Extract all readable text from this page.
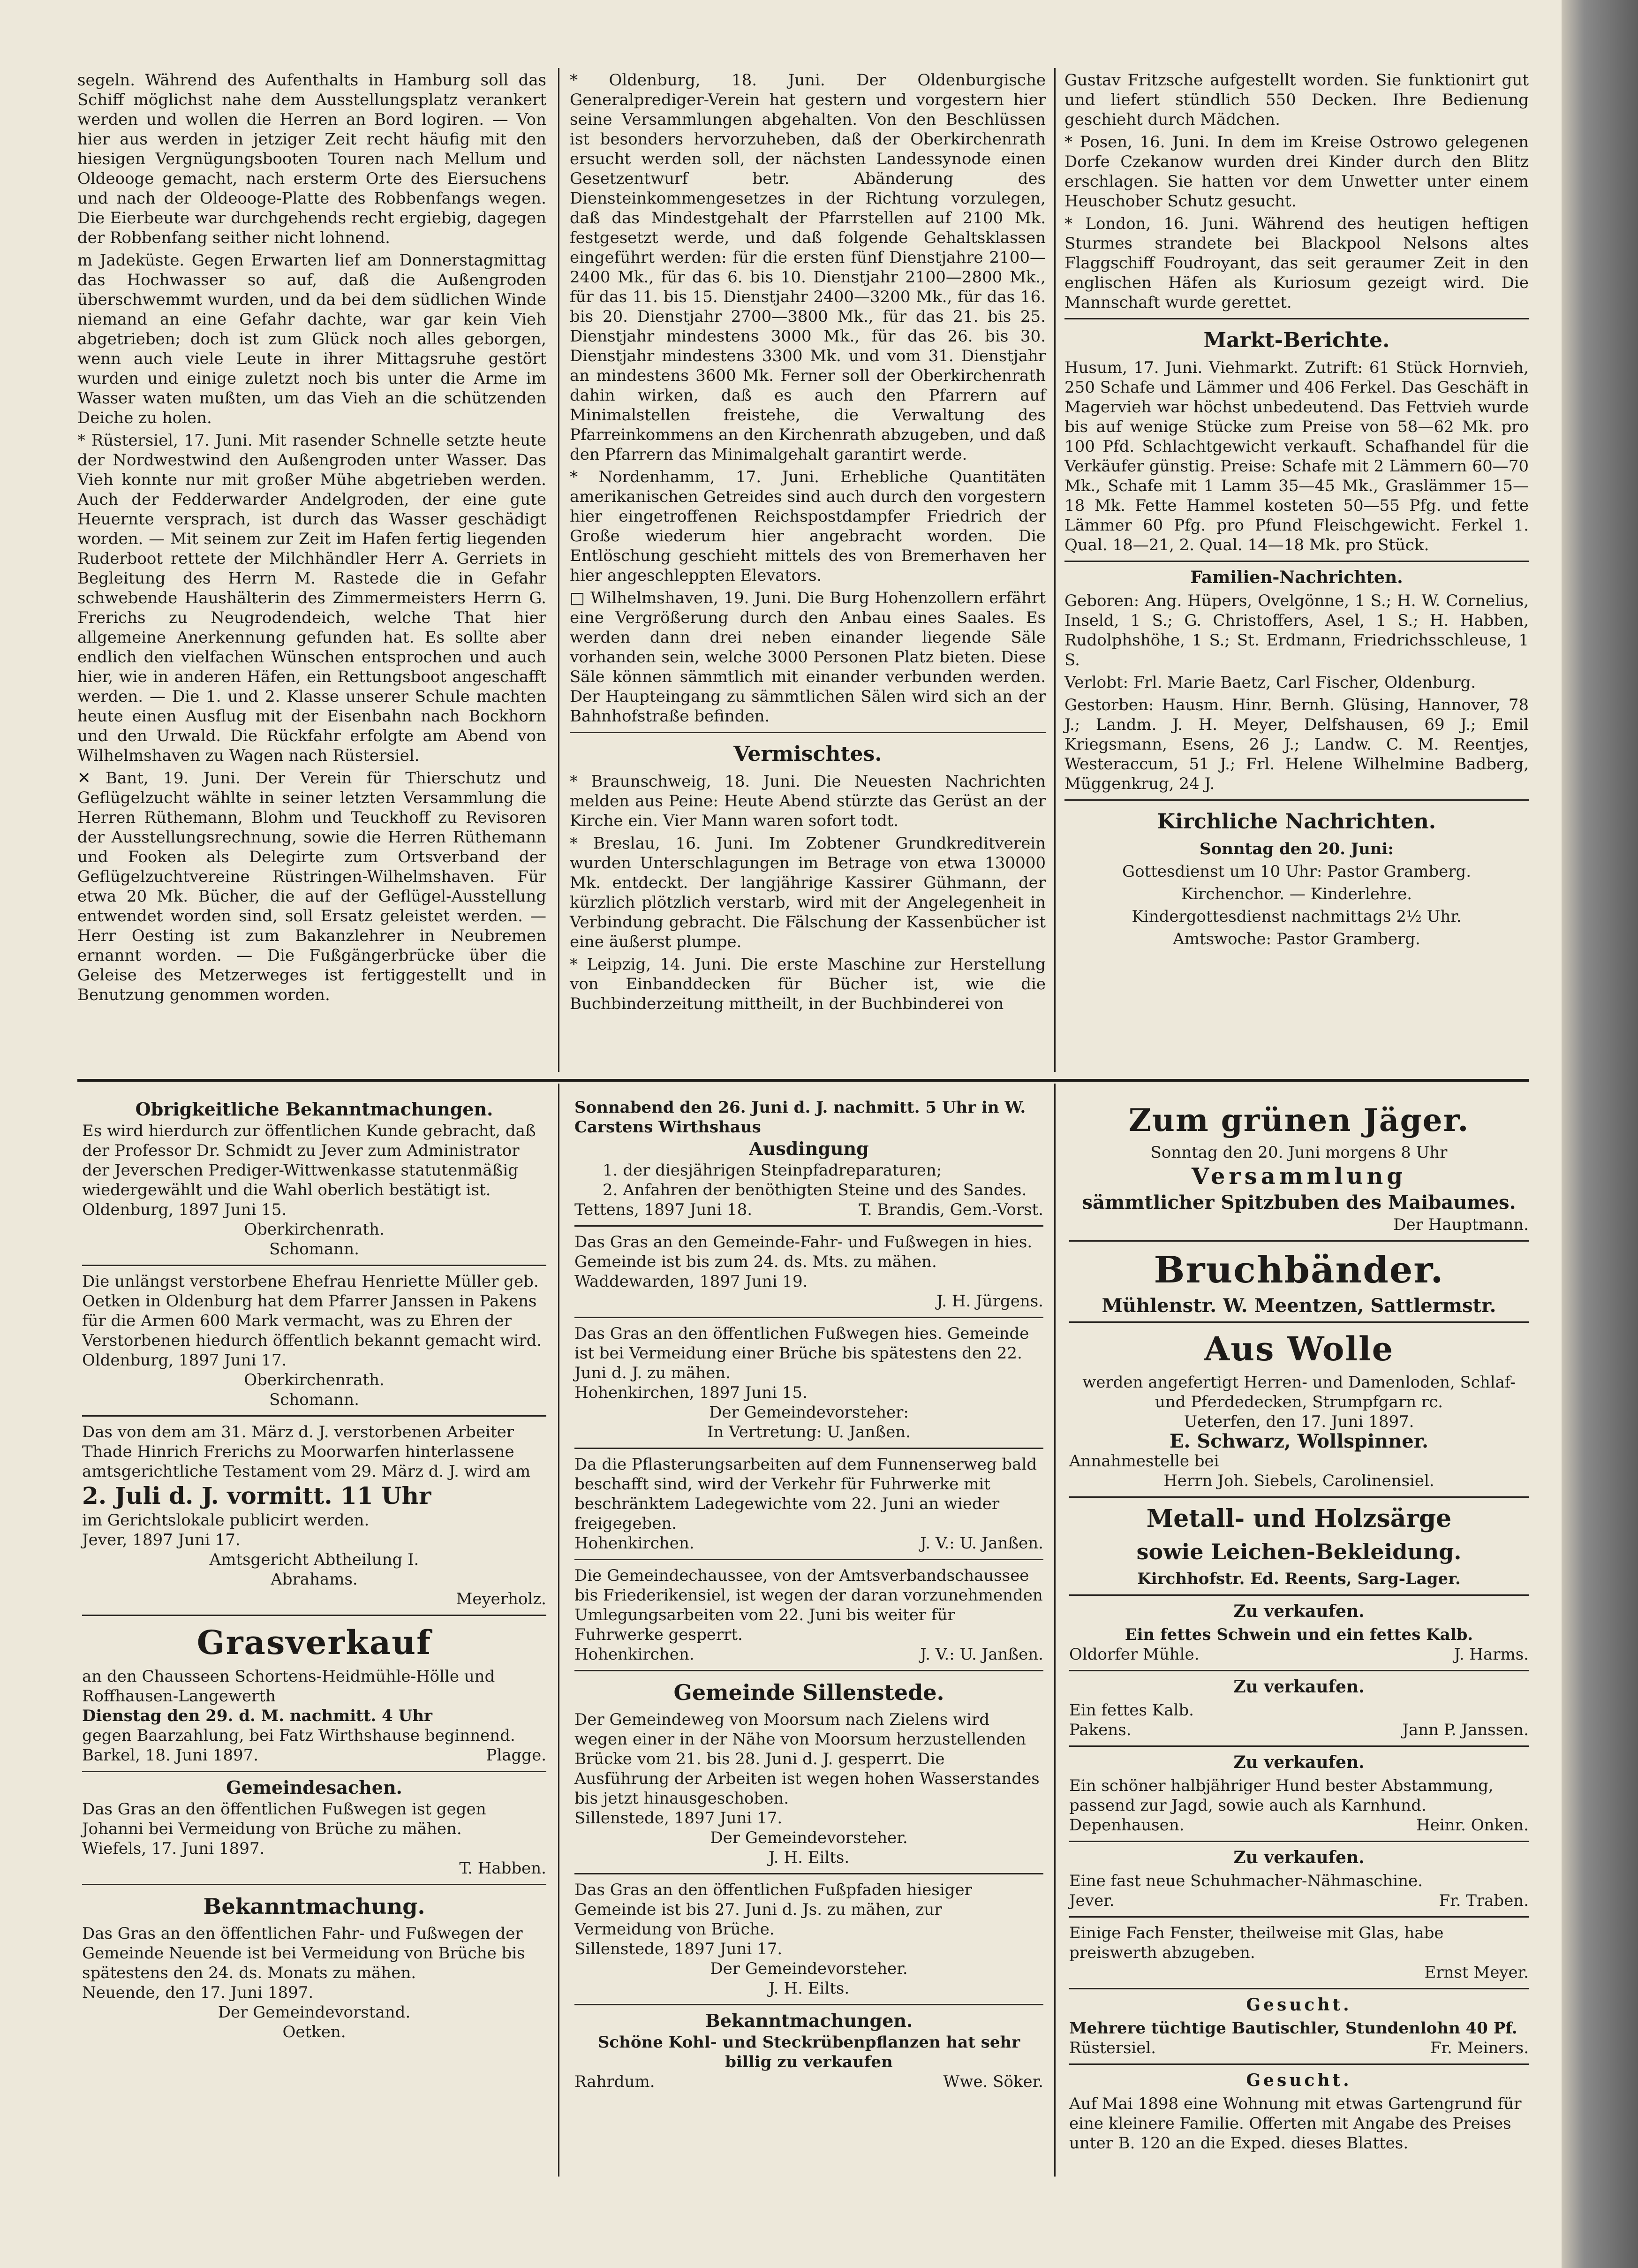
segeln. Während des Aufenthalts in Hamburg soll das Schiff möglichst nahe dem Ausstellungsplatz verankert werden und wollen die Herren an Bord logiren. — Von hier aus werden in jetziger Zeit recht häufig mit den hiesigen Vergnügungsbooten Touren nach Mellum und Oldeooge gemacht, nach ersterm Orte des Eiersuchens und nach der Oldeooge-Platte des Robbenfangs wegen. Die Eierbeute war durchgehends recht ergiebig, dagegen der Robbenfang seither nicht lohnend.

m Jadeküste. Gegen Erwarten lief am Donnerstagmittag das Hochwasser so auf, daß die Außengroden überschwemmt wurden, und da bei dem südlichen Winde niemand an eine Gefahr dachte, war gar kein Vieh abgetrieben; doch ist zum Glück noch alles geborgen, wenn auch viele Leute in ihrer Mittagsruhe gestört wurden und einige zuletzt noch bis unter die Arme im Wasser waten mußten, um das Vieh an die schützenden Deiche zu holen.

* Rüstersiel, 17. Juni. Mit rasender Schnelle setzte heute der Nordwestwind den Außengroden unter Wasser. Das Vieh konnte nur mit großer Mühe abgetrieben werden. Auch der Fedderwarder Andelgroden, der eine gute Heuernte versprach, ist durch das Wasser geschädigt worden. — Mit seinem zur Zeit im Hafen fertig liegenden Ruderboot rettete der Milchhändler Herr A. Gerriets in Begleitung des Herrn M. Rastede die in Gefahr schwebende Haushälterin des Zimmermeisters Herrn G. Frerichs zu Neugrodendeich, welche That hier allgemeine Anerkennung gefunden hat. Es sollte aber endlich den vielfachen Wünschen entsprochen und auch hier, wie in anderen Häfen, ein Rettungsboot angeschafft werden. — Die 1. und 2. Klasse unserer Schule machten heute einen Ausflug mit der Eisenbahn nach Bockhorn und den Urwald. Die Rückfahr erfolgte am Abend von Wilhelmshaven zu Wagen nach Rüstersiel.

✕ Bant, 19. Juni. Der Verein für Thierschutz und Geflügelzucht wählte in seiner letzten Versammlung die Herren Rüthemann, Blohm und Teuckhoff zu Revisoren der Ausstellungsrechnung, sowie die Herren Rüthemann und Fooken als Delegirte zum Ortsverband der Geflügelzuchtvereine Rüstringen-Wilhelmshaven. Für etwa 20 Mk. Bücher, die auf der Geflügel-Ausstellung entwendet worden sind, soll Ersatz geleistet werden. — Herr Oesting ist zum Bakanzlehrer in Neubremen ernannt worden. — Die Fußgängerbrücke über die Geleise des Metzerweges ist fertiggestellt und in Benutzung genommen worden.

* Oldenburg, 18. Juni. Der Oldenburgische Generalprediger-Verein hat gestern und vorgestern hier seine Versammlungen abgehalten. Von den Beschlüssen ist besonders hervorzuheben, daß der Oberkirchenrath ersucht werden soll, der nächsten Landessynode einen Gesetzentwurf betr. Abänderung des Diensteinkommengesetzes in der Richtung vorzulegen, daß das Mindestgehalt der Pfarrstellen auf 2100 Mk. festgesetzt werde, und daß folgende Gehaltsklassen eingeführt werden: für die ersten fünf Dienstjahre 2100—2400 Mk., für das 6. bis 10. Dienstjahr 2100—2800 Mk., für das 11. bis 15. Dienstjahr 2400—3200 Mk., für das 16. bis 20. Dienstjahr 2700—3800 Mk., für das 21. bis 25. Dienstjahr mindestens 3000 Mk., für das 26. bis 30. Dienstjahr mindestens 3300 Mk. und vom 31. Dienstjahr an mindestens 3600 Mk. Ferner soll der Oberkirchenrath dahin wirken, daß es auch den Pfarrern auf Minimalstellen freistehe, die Verwaltung des Pfarreinkommens an den Kirchenrath abzugeben, und daß den Pfarrern das Minimalgehalt garantirt werde.

* Nordenhamm, 17. Juni. Erhebliche Quantitäten amerikanischen Getreides sind auch durch den vorgestern hier eingetroffenen Reichspostdampfer Friedrich der Große wiederum hier angebracht worden. Die Entlöschung geschieht mittels des von Bremerhaven her hier angeschleppten Elevators.

□ Wilhelmshaven, 19. Juni. Die Burg Hohenzollern erfährt eine Vergrößerung durch den Anbau eines Saales. Es werden dann drei neben einander liegende Säle vorhanden sein, welche 3000 Personen Platz bieten. Diese Säle können sämmtlich mit einander verbunden werden. Der Haupteingang zu sämmtlichen Sälen wird sich an der Bahnhofstraße befinden.

Vermischtes.

* Braunschweig, 18. Juni. Die Neuesten Nachrichten melden aus Peine: Heute Abend stürzte das Gerüst an der Kirche ein. Vier Mann waren sofort todt.

* Breslau, 16. Juni. Im Zobtener Grundkreditverein wurden Unterschlagungen im Betrage von etwa 130000 Mk. entdeckt. Der langjährige Kassirer Gühmann, der kürzlich plötzlich verstarb, wird mit der Angelegenheit in Verbindung gebracht. Die Fälschung der Kassenbücher ist eine äußerst plumpe.

* Leipzig, 14. Juni. Die erste Maschine zur Herstellung von Einbanddecken für Bücher ist, wie die Buchbinderzeitung mittheilt, in der Buchbinderei von

Gustav Fritzsche aufgestellt worden. Sie funktionirt gut und liefert stündlich 550 Decken. Ihre Bedienung geschieht durch Mädchen.

* Posen, 16. Juni. In dem im Kreise Ostrowo gelegenen Dorfe Czekanow wurden drei Kinder durch den Blitz erschlagen. Sie hatten vor dem Unwetter unter einem Heuschober Schutz gesucht.

* London, 16. Juni. Während des heutigen heftigen Sturmes strandete bei Blackpool Nelsons altes Flaggschiff Foudroyant, das seit geraumer Zeit in den englischen Häfen als Kuriosum gezeigt wird. Die Mannschaft wurde gerettet.

Markt-Berichte.

Husum, 17. Juni. Viehmarkt. Zutrift: 61 Stück Hornvieh, 250 Schafe und Lämmer und 406 Ferkel. Das Geschäft in Magervieh war höchst unbedeutend. Das Fettvieh wurde bis auf wenige Stücke zum Preise von 58—62 Mk. pro 100 Pfd. Schlachtgewicht verkauft. Schafhandel für die Verkäufer günstig. Preise: Schafe mit 2 Lämmern 60—70 Mk., Schafe mit 1 Lamm 35—45 Mk., Graslämmer 15—18 Mk. Fette Hammel kosteten 50—55 Pfg. und fette Lämmer 60 Pfg. pro Pfund Fleischgewicht. Ferkel 1. Qual. 18—21, 2. Qual. 14—18 Mk. pro Stück.

Familien-Nachrichten.

Geboren: Ang. Hüpers, Ovelgönne, 1 S.; H. W. Cornelius, Inseld, 1 S.; G. Christoffers, Asel, 1 S.; H. Habben, Rudolphshöhe, 1 S.; St. Erdmann, Friedrichsschleuse, 1 S.

Verlobt: Frl. Marie Baetz, Carl Fischer, Oldenburg.

Gestorben: Hausm. Hinr. Bernh. Glüsing, Hannover, 78 J.; Landm. J. H. Meyer, Delfshausen, 69 J.; Emil Kriegsmann, Esens, 26 J.; Landw. C. M. Reentjes, Westeraccum, 51 J.; Frl. Helene Wilhelmine Badberg, Müggenkrug, 24 J.

Kirchliche Nachrichten.

Sonntag den 20. Juni:

Gottesdienst um 10 Uhr: Pastor Gramberg.

Kirchenchor. — Kinderlehre.

Kindergottesdienst nachmittags 2½ Uhr.

Amtswoche: Pastor Gramberg.

Obrigkeitliche Bekanntmachungen.

Es wird hierdurch zur öffentlichen Kunde gebracht, daß der Professor Dr. Schmidt zu Jever zum Administrator der Jeverschen Prediger-Wittwenkasse statutenmäßig wiedergewählt und die Wahl oberlich bestätigt ist.

Oldenburg, 1897 Juni 15.

Oberkirchenrath.

Schomann.

Die unlängst verstorbene Ehefrau Henriette Müller geb. Oetken in Oldenburg hat dem Pfarrer Janssen in Pakens für die Armen 600 Mark vermacht, was zu Ehren der Verstorbenen hiedurch öffentlich bekannt gemacht wird.

Oldenburg, 1897 Juni 17.

Oberkirchenrath.

Schomann.

Das von dem am 31. März d. J. verstorbenen Arbeiter Thade Hinrich Frerichs zu Moorwarfen hinterlassene amtsgerichtliche Testament vom 29. März d. J. wird am

2. Juli d. J. vormitt. 11 Uhr

im Gerichtslokale publicirt werden.

Jever, 1897 Juni 17.

Amtsgericht Abtheilung I.

Abrahams.

Meyerholz.

Grasverkauf

an den Chausseen Schortens-Heidmühle-Hölle und Roffhausen-Langewerth

Dienstag den 29. d. M. nachmitt. 4 Uhr

gegen Baarzahlung, bei Fatz Wirthshause beginnend.

Barkel, 18. Juni 1897.	Plagge.
Gemeindesachen.

Das Gras an den öffentlichen Fußwegen ist gegen Johanni bei Vermeidung von Brüche zu mähen.

Wiefels, 17. Juni 1897.

T. Habben.

Bekanntmachung.

Das Gras an den öffentlichen Fahr- und Fußwegen der Gemeinde Neuende ist bei Vermeidung von Brüche bis spätestens den 24. ds. Monats zu mähen.

Neuende, den 17. Juni 1897.

Der Gemeindevorstand.

Oetken.

Sonnabend den 26. Juni d. J. nachmitt. 5 Uhr in W. Carstens Wirthshaus

Ausdingung

1. der diesjährigen Steinpfadreparaturen;

2. Anfahren der benöthigten Steine und des Sandes.

Tettens, 1897 Juni 18.	T. Brandis, Gem.-Vorst.

Das Gras an den Gemeinde-Fahr- und Fußwegen in hies. Gemeinde ist bis zum 24. ds. Mts. zu mähen.

Waddewarden, 1897 Juni 19.

J. H. Jürgens.

Das Gras an den öffentlichen Fußwegen hies. Gemeinde ist bei Vermeidung einer Brüche bis spätestens den 22. Juni d. J. zu mähen.

Hohenkirchen, 1897 Juni 15.

Der Gemeindevorsteher:

In Vertretung: U. Janßen.

Da die Pflasterungsarbeiten auf dem Funnenserweg bald beschafft sind, wird der Verkehr für Fuhrwerke mit beschränktem Ladegewichte vom 22. Juni an wieder freigegeben.

Hohenkirchen.	J. V.: U. Janßen.

Die Gemeindechaussee, von der Amtsverbandschaussee bis Friederikensiel, ist wegen der daran vorzunehmenden Umlegungsarbeiten vom 22. Juni bis weiter für Fuhrwerke gesperrt.

Hohenkirchen.	J. V.: U. Janßen.
Gemeinde Sillenstede.

Der Gemeindeweg von Moorsum nach Zielens wird wegen einer in der Nähe von Moorsum herzustellenden Brücke vom 21. bis 28. Juni d. J. gesperrt. Die Ausführung der Arbeiten ist wegen hohen Wasserstandes bis jetzt hinausgeschoben.

Sillenstede, 1897 Juni 17.

Der Gemeindevorsteher.

J. H. Eilts.

Das Gras an den öffentlichen Fußpfaden hiesiger Gemeinde ist bis 27. Juni d. Js. zu mähen, zur Vermeidung von Brüche.

Sillenstede, 1897 Juni 17.

Der Gemeindevorsteher.

J. H. Eilts.

Bekanntmachungen.

Schöne Kohl- und Steckrübenpflanzen hat sehr billig zu verkaufen

Rahrdum.	Wwe. Söker.
Zum grünen Jäger.

Sonntag den 20. Juni morgens 8 Uhr

Versammlung

sämmtlicher Spitzbuben des Maibaumes.

Der Hauptmann.

Bruchbänder.

Mühlenstr. W. Meentzen, Sattlermstr.

Aus Wolle

werden angefertigt Herren- und Damenloden, Schlaf- und Pferdedecken, Strumpfgarn rc.

Ueterfen, den 17. Juni 1897.

E. Schwarz, Wollspinner.

Annahmestelle bei

Herrn Joh. Siebels, Carolinensiel.

Metall- und Holzsärge
sowie Leichen-Bekleidung.

Kirchhofstr. Ed. Reents, Sarg-Lager.

Zu verkaufen.

Ein fettes Schwein und ein fettes Kalb.

Oldorfer Mühle.	J. Harms.
Zu verkaufen.

Ein fettes Kalb.

Pakens.	Jann P. Janssen.
Zu verkaufen.

Ein schöner halbjähriger Hund bester Abstammung, passend zur Jagd, sowie auch als Karnhund.

Depenhausen.	Heinr. Onken.
Zu verkaufen.

Eine fast neue Schuhmacher-Nähmaschine.

Jever.	Fr. Traben.

Einige Fach Fenster, theilweise mit Glas, habe preiswerth abzugeben.

Ernst Meyer.

Gesucht.

Mehrere tüchtige Bautischler, Stundenlohn 40 Pf.

Rüstersiel.	Fr. Meiners.
Gesucht.

Auf Mai 1898 eine Wohnung mit etwas Gartengrund für eine kleinere Familie. Offerten mit Angabe des Preises unter B. 120 an die Exped. dieses Blattes.
